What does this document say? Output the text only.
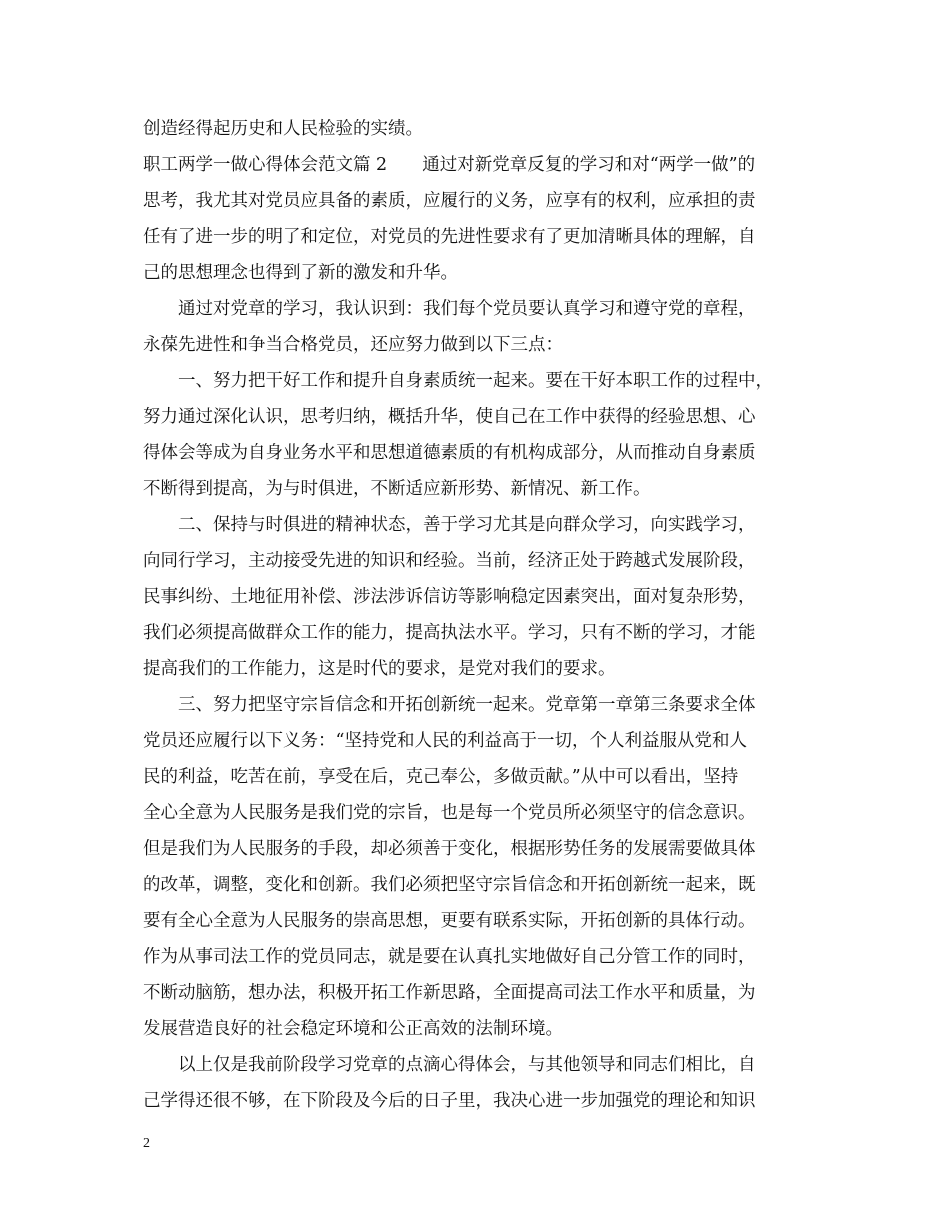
创造经得起历史和人民检验的实绩。
职工两学一做心得体会范文篇 2　　通过对新党章反复的学习和对“两学一做”的
思考，我尤其对党员应具备的素质，应履行的义务，应享有的权利，应承担的责
任有了进一步的明了和定位，对党员的先进性要求有了更加清晰具体的理解，自
己的思想理念也得到了新的激发和升华。
　　通过对党章的学习，我认识到：我们每个党员要认真学习和遵守党的章程，
永葆先进性和争当合格党员，还应努力做到以下三点：
　　一、努力把干好工作和提升自身素质统一起来。要在干好本职工作的过程中，
努力通过深化认识，思考归纳，概括升华，使自己在工作中获得的经验思想、心
得体会等成为自身业务水平和思想道德素质的有机构成部分，从而推动自身素质
不断得到提高，为与时俱进，不断适应新形势、新情况、新工作。
　　二、保持与时俱进的精神状态，善于学习尤其是向群众学习，向实践学习，
向同行学习，主动接受先进的知识和经验。当前，经济正处于跨越式发展阶段，
民事纠纷、土地征用补偿、涉法涉诉信访等影响稳定因素突出，面对复杂形势，
我们必须提高做群众工作的能力，提高执法水平。学习，只有不断的学习，才能
提高我们的工作能力，这是时代的要求，是党对我们的要求。
　　三、努力把坚守宗旨信念和开拓创新统一起来。党章第一章第三条要求全体
党员还应履行以下义务：“坚持党和人民的利益高于一切，个人利益服从党和人
民的利益，吃苦在前，享受在后，克己奉公，多做贡献。”从中可以看出，坚持
全心全意为人民服务是我们党的宗旨，也是每一个党员所必须坚守的信念意识。
但是我们为人民服务的手段，却必须善于变化，根据形势任务的发展需要做具体
的改革，调整，变化和创新。我们必须把坚守宗旨信念和开拓创新统一起来，既
要有全心全意为人民服务的崇高思想，更要有联系实际，开拓创新的具体行动。
作为从事司法工作的党员同志，就是要在认真扎实地做好自己分管工作的同时，
不断动脑筋，想办法，积极开拓工作新思路，全面提高司法工作水平和质量，为
发展营造良好的社会稳定环境和公正高效的法制环境。
　　以上仅是我前阶段学习党章的点滴心得体会，与其他领导和同志们相比，自
己学得还很不够，在下阶段及今后的日子里，我决心进一步加强党的理论和知识
2
